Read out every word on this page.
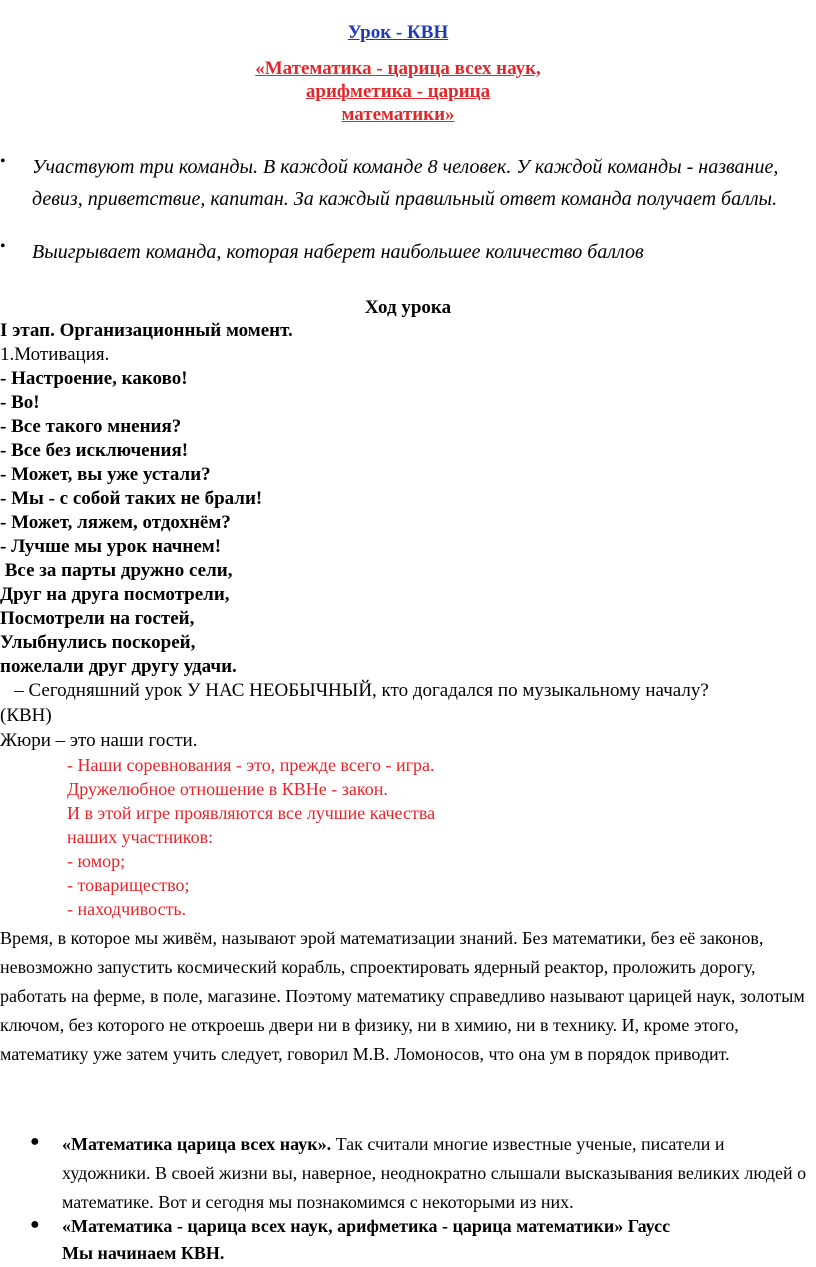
Урок - КВН
«Математика - царица всех наук,
арифметика - царица
математики»
• Участвуют три команды. В каждой команде 8 человек. У каждой команды - название, девиз, приветствие, капитан. За каждый правильный ответ команда получает баллы.
• Выигрывает команда, которая наберет наибольшее количество баллов
Ход урока
I этап. Организационный момент.
1.Мотивация.
- Настроение, каково!
- Во!
- Все такого мнения?
- Все без исключения!
- Может, вы уже устали?
- Мы - с собой таких не брали!
- Может, ляжем, отдохнём?
- Лучше мы урок начнем!
Все за парты дружно сели,
Друг на друга посмотрели,
Посмотрели на гостей,
Улыбнулись поскорей,
пожелали друг другу удачи.
– Сегодняшний урок У НАС НЕОБЫЧНЫЙ, кто догадался по музыкальному началу?
(КВН)
Жюри – это наши гости.
- Наши соревнования - это, прежде всего - игра.
Дружелюбное отношение в КВНе - закон.
И в этой игре проявляются все лучшие качества
наших участников:
- юмор;
- товарищество;
- находчивость.
Время, в которое мы живём, называют эрой математизации знаний. Без математики, без её законов, невозможно запустить космический корабль, спроектировать ядерный реактор, проложить дорогу, работать на ферме, в поле, магазине. Поэтому математику справедливо называют царицей наук, золотым ключом, без которого не откроешь двери ни в физику, ни в химию, ни в технику. И, кроме этого, математику уже затем учить следует, говорил М.В. Ломоносов, что она ум в порядок приводит.
● «Математика царица всех наук». Так считали многие известные ученые, писатели и художники. В своей жизни вы, наверное, неоднократно слышали высказывания великих людей о математике. Вот и сегодня мы познакомимся с некоторыми из них.
● «Математика - царица всех наук, арифметика - царица математики» Гаусс
Мы начинаем КВН.
